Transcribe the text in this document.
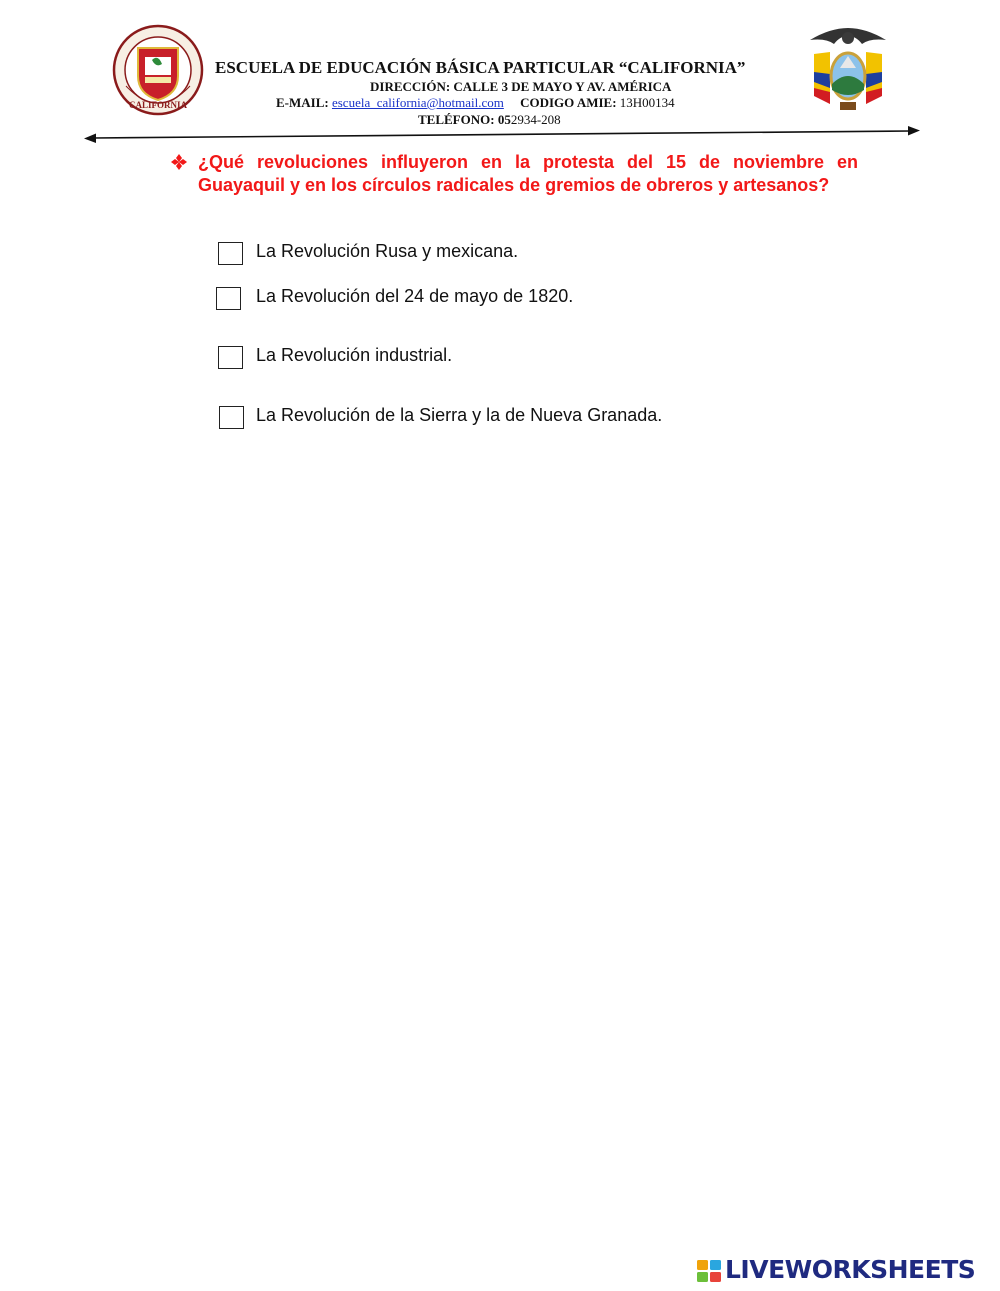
CALIFORNIA
ESCUELA DE EDUCACIÓN BÁSICA PARTICULAR “CALIFORNIA”
DIRECCIÓN: CALLE 3 DE MAYO Y AV. AMÉRICA
E-MAIL: escuela_california@hotmail.com CODIGO AMIE: 13H00134
TELÉFONO: 052934-208
¿Qué revoluciones influyeron en la protesta del 15 de noviembre en Guayaquil y en los círculos radicales de gremios de obreros y artesanos?
La Revolución Rusa y mexicana.
La Revolución del 24 de mayo de 1820.
La Revolución industrial.
La Revolución de la Sierra y la de Nueva Granada.
LIVEWORKSHEETS
